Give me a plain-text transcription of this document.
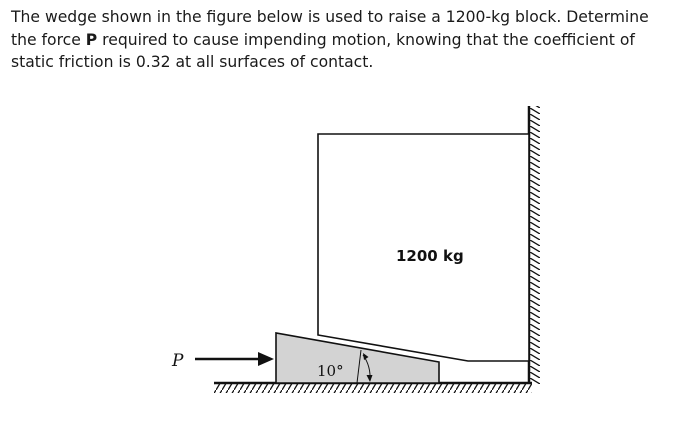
The wedge shown in the figure below is used to raise a 1200-kg block. Determine
the force P required to cause impending motion, knowing that the coefficient of
static friction is 0.32 at all surfaces of contact.
P	10°
1200 kg
